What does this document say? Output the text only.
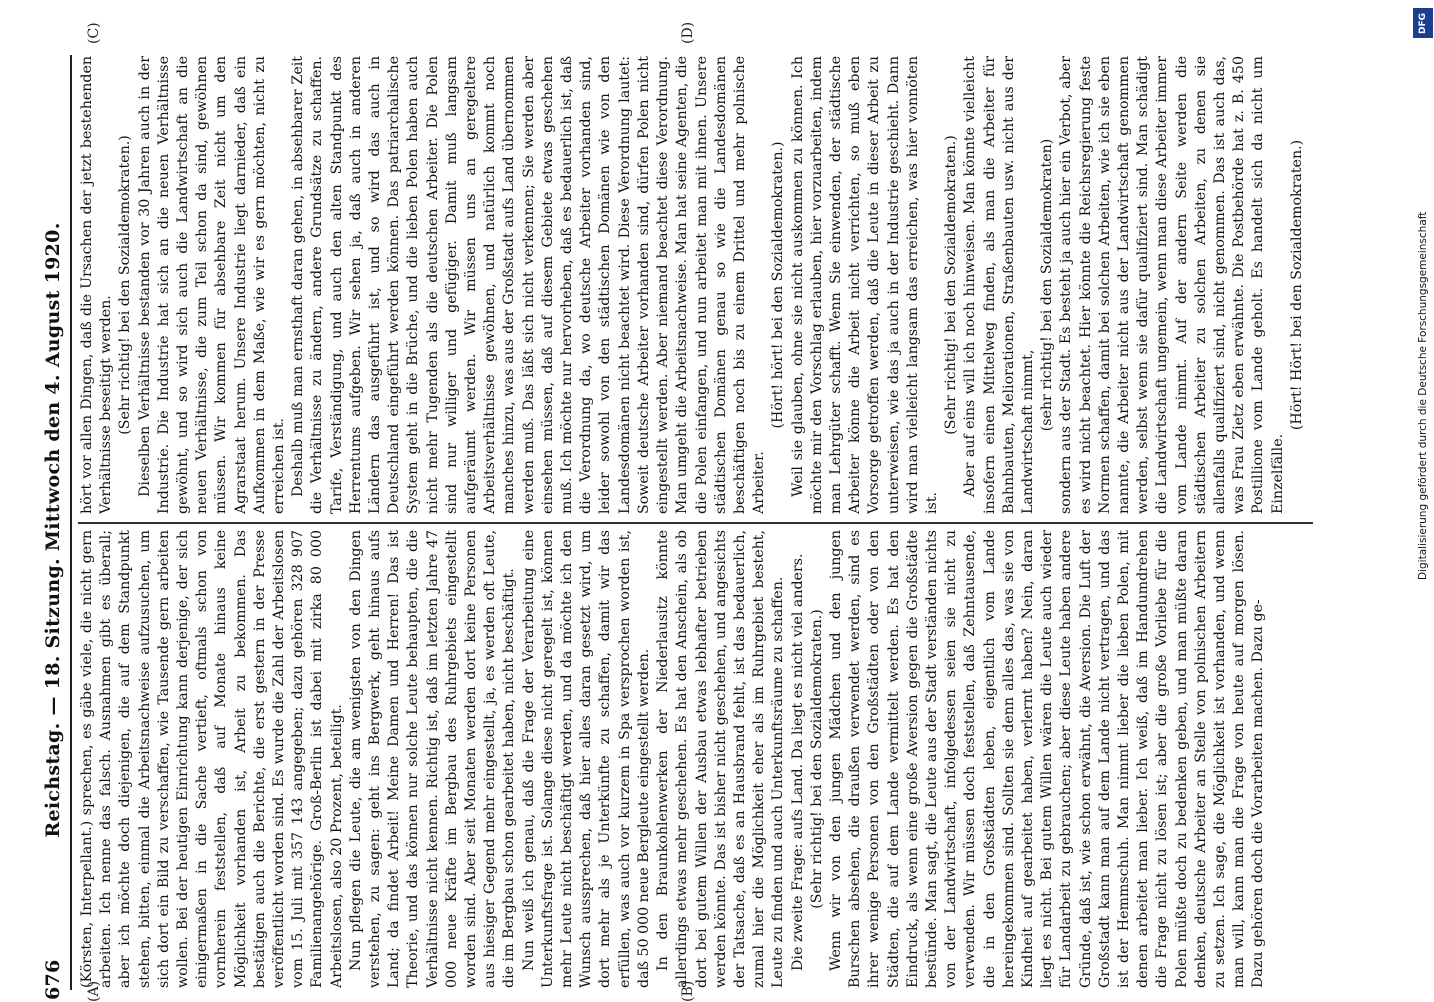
676
Reichstag. — 18. Sitzung. Mittwoch den 4. August 1920.
(A)	(B)
(C)	(D)

(Körsten, Interpellant.) sprechen, es gäbe viele, die nicht gern arbeiten. Ich nenne das falsch. Ausnahmen gibt es überall; aber ich möchte doch diejenigen, die auf dem Standpunkt stehen, bitten, einmal die Arbeitsnachweise aufzusuchen, um sich dort ein Bild zu verschaffen, wie Tausende gern arbeiten wollen. Bei der heutigen Einrichtung kann derjenige, der sich einigermaßen in die Sache vertieft, oftmals schon von vornherein feststellen, daß auf Monate hinaus keine Möglichkeit vorhanden ist, Arbeit zu bekommen. Das bestätigen auch die Berichte, die erst gestern in der Presse veröffentlicht worden sind. Es wurde die Zahl der Arbeitslosen vom 15. Juli mit 357 143 angegeben; dazu gehören 328 907 Familienangehörige. Groß-Berlin ist dabei mit zirka 80 000 Arbeitslosen, also 20 Prozent, beteiligt. Nun pflegen die Leute, die am wenigsten von den Dingen verstehen, zu sagen: geht ins Bergwerk, geht hinaus aufs Land; da findet Arbeit! Meine Damen und Herren! Das ist Theorie, und das können nur solche Leute behaupten, die die Verhältnisse nicht kennen. Richtig ist, daß im letzten Jahre 47 000 neue Kräfte im Bergbau des Ruhrgebiets eingestellt worden sind. Aber seit Monaten werden dort keine Personen aus hiesiger Gegend mehr eingestellt, ja, es werden oft Leute, die im Bergbau schon gearbeitet haben, nicht beschäftigt. Nun weiß ich genau, daß die Frage der Verarbeitung eine Unterkunftsfrage ist. Solange diese nicht geregelt ist, können mehr Leute nicht beschäftigt werden, und da möchte ich den Wunsch aussprechen, daß hier alles daran gesetzt wird, um dort mehr als je Unterkünfte zu schaffen, damit wir das erfüllen, was auch vor kurzem in Spa versprochen worden ist, daß 50 000 neue Bergleute eingestellt werden. In den Braunkohlenwerken der Niederlausitz könnte allerdings etwas mehr geschehen. Es hat den Anschein, als ob dort bei gutem Willen der Ausbau etwas lebhafter betrieben werden könnte. Das ist bisher nicht geschehen, und angesichts der Tatsache, daß es an Hausbrand fehlt, ist das bedauerlich, zumal hier die Möglichkeit eher als im Ruhrgebiet besteht, Leute zu finden und auch Unterkunftsräume zu schaffen. Die zweite Frage: aufs Land. Da liegt es nicht viel anders. (Sehr richtig! bei den Sozialdemokraten.) Wenn wir von den jungen Mädchen und den jungen Burschen absehen, die draußen verwendet werden, sind es ihrer wenige Personen von den Großstädten oder von den Städten, die auf dem Lande vermittelt werden. Es hat den Eindruck, als wenn eine große Aversion gegen die Großstädte bestünde. Man sagt, die Leute aus der Stadt verständen nichts von der Landwirtschaft, infolgedessen seien sie nicht zu verwenden. Wir müssen doch feststellen, daß Zehntausende, die in den Großstädten leben, eigentlich vom Lande hereingekommen sind. Sollten sie denn alles das, was sie von Kindheit auf gearbeitet haben, verlernt haben? Nein, daran liegt es nicht. Bei gutem Willen wären die Leute auch wieder für Landarbeit zu gebrauchen; aber diese Leute haben andere Gründe, daß ist, wie schon erwähnt, die Aversion. Die Luft der Großstadt kann man auf dem Lande nicht vertragen, und das ist der Hemmschuh. Man nimmt lieber die lieben Polen, mit denen arbeitet man lieber. Ich weiß, daß im Handumdrehen die Frage nicht zu lösen ist; aber die große Vorliebe für die Polen müßte doch zu bedenken geben, und man müßte daran denken, deutsche Arbeiter an Stelle von polnischen Arbeitern zu setzen. Ich sage, die Möglichkeit ist vorhanden, und wenn man will, kann man die Frage von heute auf morgen lösen. Dazu gehören doch die Vorarbeiten machen. Dazu ge-

hört vor allen Dingen, daß die Ursachen der jetzt bestehenden Verhältnisse beseitigt werden. (Sehr richtig! bei den Sozialdemokraten.) Dieselben Verhältnisse bestanden vor 30 Jahren auch in der Industrie. Die Industrie hat sich an die neuen Verhältnisse gewöhnt, und so wird sich auch die Landwirtschaft an die neuen Verhältnisse, die zum Teil schon da sind, gewöhnen müssen. Wir kommen für absehbare Zeit nicht um den Agrarstaat herum. Unsere Industrie liegt darnieder, daß ein Aufkommen in dem Maße, wie wir es gern möchten, nicht zu erreichen ist. Deshalb muß man ernsthaft daran gehen, in absehbarer Zeit die Verhältnisse zu ändern, andere Grundsätze zu schaffen. Tarife, Verständigung, und auch den alten Standpunkt des Herrentums aufgeben. Wir sehen ja, daß auch in anderen Ländern das ausgeführt ist, und so wird das auch in Deutschland eingeführt werden können. Das patriarchalische System geht in die Brüche, und die lieben Polen haben auch nicht mehr Tugenden als die deutschen Arbeiter. Die Polen sind nur williger und gefügiger. Damit muß langsam aufgeräumt werden. Wir müssen uns an geregeltere Arbeitsverhältnisse gewöhnen, und natürlich kommt noch manches hinzu, was aus der Großstadt aufs Land übernommen werden muß. Das läßt sich nicht verkennen; Sie werden aber einsehen müssen, daß auf diesem Gebiete etwas geschehen muß. Ich möchte nur hervorheben, daß es bedauerlich ist, daß die Verordnung da, wo deutsche Arbeiter vorhanden sind, leider sowohl von den städtischen Domänen wie von den Landesdomänen nicht beachtet wird. Diese Verordnung lautet: Soweit deutsche Arbeiter vorhanden sind, dürfen Polen nicht eingestellt werden. Aber niemand beachtet diese Verordnung. Man umgeht die Arbeitsnachweise. Man hat seine Agenten, die die Polen einfangen, und nun arbeitet man mit ihnen. Unsere städtischen Domänen genau so wie die Landesdomänen beschäftigen noch bis zu einem Drittel und mehr polnische Arbeiter.

(Hört! hört! bei den Sozialdemokraten.) Weil sie glauben, ohne sie nicht auskommen zu können. Ich möchte mir den Vorschlag erlauben, hier vorzuarbeiten, indem man Lehrgüter schafft. Wenn Sie einwenden, der städtische Arbeiter könne die Arbeit nicht verrichten, so muß eben Vorsorge getroffen werden, daß die Leute in dieser Arbeit zu unterweisen, wie das ja auch in der Industrie geschieht. Dann wird man vielleicht langsam das erreichen, was hier vonnöten ist.

(Sehr richtig! bei den Sozialdemokraten.) Aber auf eins will ich noch hinweisen. Man könnte vielleicht insofern einen Mittelweg finden, als man die Arbeiter für Bahnbauten, Meliorationen, Straßenbauten usw. nicht aus der Landwirtschaft nimmt,

(sehr richtig! bei den Sozialdemokraten) sondern aus der Stadt. Es besteht ja auch hier ein Verbot, aber es wird nicht beachtet. Hier könnte die Reichsregierung feste Normen schaffen, damit bei solchen Arbeiten, wie ich sie eben nannte, die Arbeiter nicht aus der Landwirtschaft genommen werden, selbst wenn sie dafür qualifiziert sind. Man schädigt die Landwirtschaft ungemein, wenn man diese Arbeiter immer vom Lande nimmt. Auf der andern Seite werden die städtischen Arbeiter zu solchen Arbeiten, zu denen sie allenfalls qualifiziert sind, nicht genommen. Das ist auch das, was Frau Zietz eben erwähnte. Die Postbehörde hat z. B. 450 Postillione vom Lande geholt. Es handelt sich da nicht um Einzelfälle.

(Hört! Hört! bei den Sozialdemokraten.)	Digitalisierung gefördert durch die Deutsche Forschungsgemeinschaft
DFG
